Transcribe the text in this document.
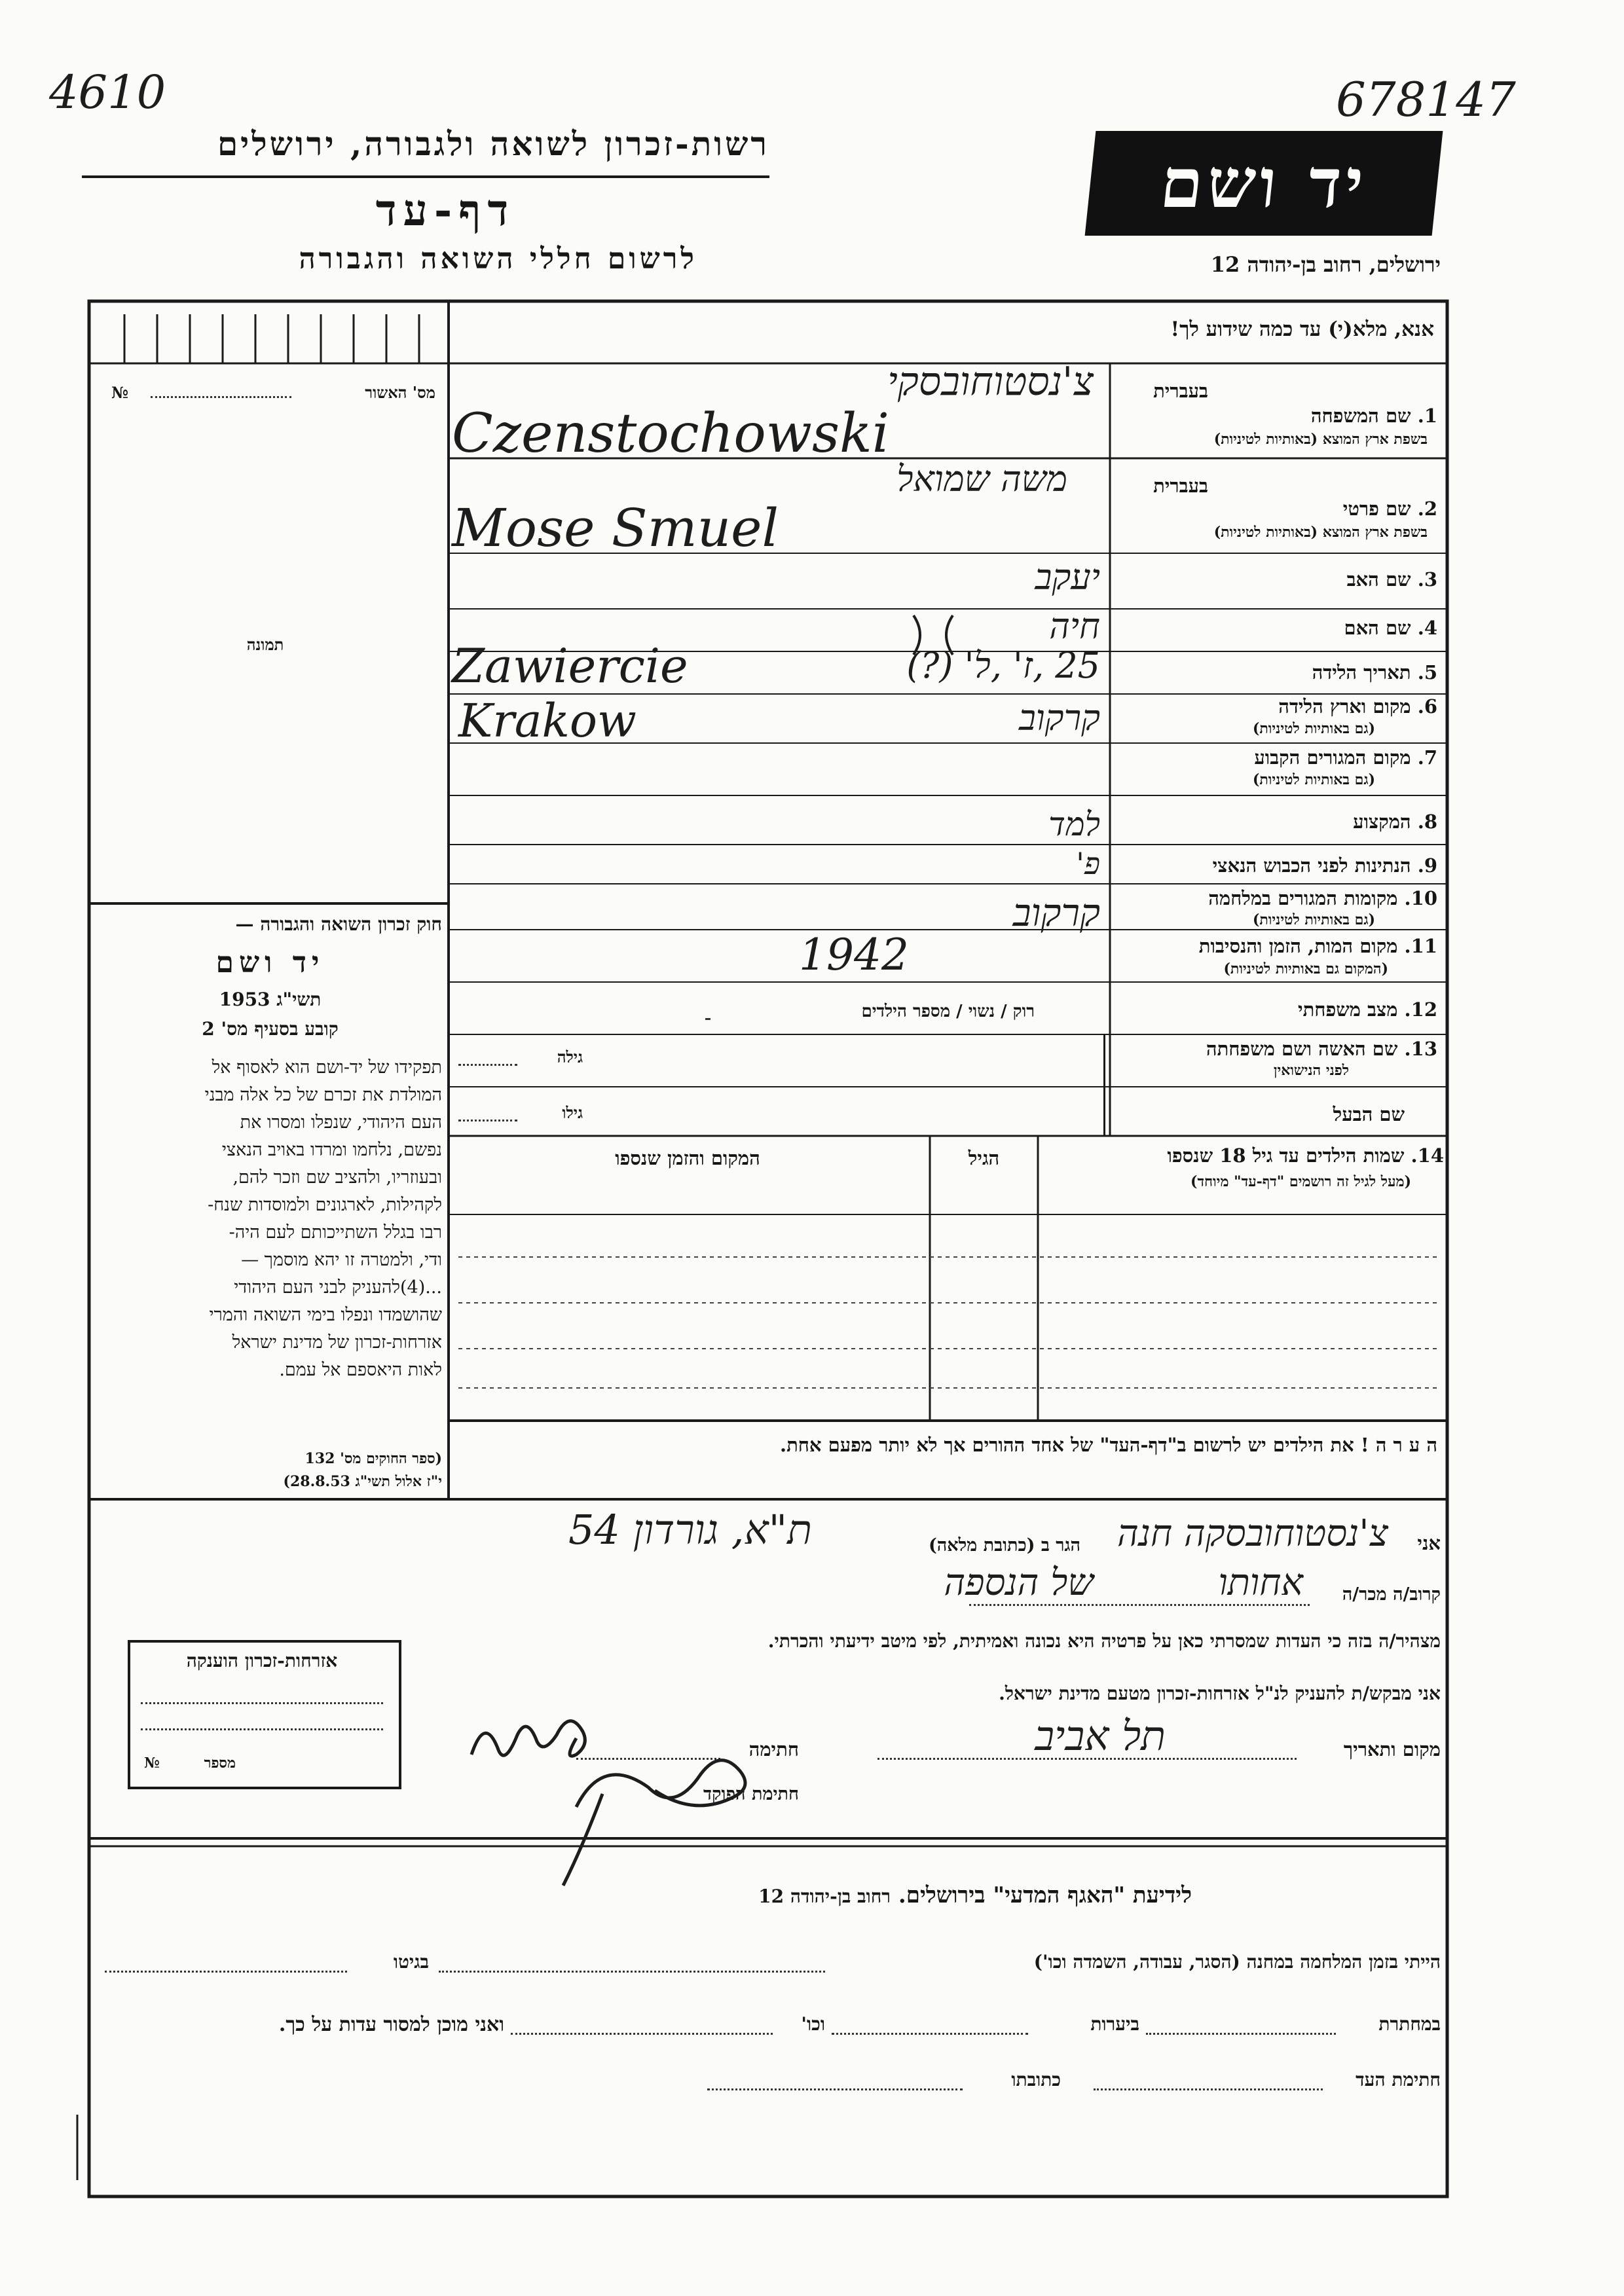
4610	678147
רשות-זכרון לשואה ולגבורה, ירושלים
דף-עד
לרשום חללי השואה והגבורה
יד ושם
ירושלים, רחוב בן-יהודה 12
אנא, מלא(י) עד כמה שידוע לך!
מס' האשור
№
תמונה
בעברית
1. שם המשפחה
בשפת ארץ המוצא (באותיות לטיניות)
בעברית
2. שם פרטי
בשפת ארץ המוצא (באותיות לטיניות)
3. שם האב
4. שם האם
5. תאריך הלידה
6. מקום וארץ הלידה
(גם באותיות לטיניות)
7. מקום המגורים הקבוע
(גם באותיות לטיניות)
8. המקצוע
9. הנתינות לפני הכבוש הנאצי
10. מקומות המגורים במלחמה
(גם באותיות לטיניות)
11. מקום המות, הזמן והנסיבות
(המקום גם באותיות לטיניות)
12. מצב משפחתי
13. שם האשה ושם משפחתה
לפני הנישואין
שם הבעל
צ'נסטוחובסקי
Czenstochowski
משה שמואל
Mose Smuel
יעקב
חיה
25 ,ז' ,ל' (?)
Zawiercie
קרקוב
Krakow
למד
פ'
קרקוב
1942
רוק / נשוי / מספר הילדים
גילה
גילו
14. שמות הילדים עד גיל 18 שנספו
(מעל לגיל זה רושמים "דף-עד" מיוחד)
הגיל
המקום והזמן שנספו
ה ע ר ה ! את הילדים יש לרשום ב"דף-העד" של אחד ההורים אך לא יותר מפעם אחת.
חוק זכרון השואה והגבורה —
יד ושם
תשי"ג 1953
קובע בסעיף מס' 2
תפקידו של יד-ושם הוא לאסוף אל
המולדת את זכרם של כל אלה מבני
העם היהודי, שנפלו ומסרו את
נפשם, נלחמו ומרדו באויב הנאצי
ובעוזריו, ולהציב שם וזכר להם,
לקהילות, לארגונים ולמוסדות שנח-
רבו בגלל השתייכותם לעם היה-
ודי, ולמטרה זו יהא מוסמך —
...(4)להעניק לבני העם היהודי
שהושמדו ונפלו בימי השואה והמרי
אזרחות-זכרון של מדינת ישראל
לאות היאספם אל עמם.
(ספר החוקים מס' 132
י"ז אלול תשי"ג 28.8.53)
אני
צ'נסטוחובסקה חנה
הגר ב (כתובת מלאה)
ת"א, גורדון 54
קרוב/ה מכר/ה
אחותו
של הנספה
מצהיר/ה בזה כי העדות שמסרתי כאן על פרטיה היא נכונה ואמיתית, לפי מיטב ידיעתי והכרתי.
אני מבקש/ת להעניק לנ"ל אזרחות-זכרון מטעם מדינת ישראל.
מקום ותאריך
תל אביב
חתימה
חתימת הפוקד
אזרחות-זכרון הוענקה
מספר
№
לידיעת "האגף המדעי" בירושלים. רחוב בן-יהודה 12
הייתי בזמן המלחמה במחנה (הסגר, עבודה, השמדה וכו')
בגיטו
במחתרת
ביערות
וכו'
ואני מוכן למסור עדות על כך.
חתימת העד
כתובתו
